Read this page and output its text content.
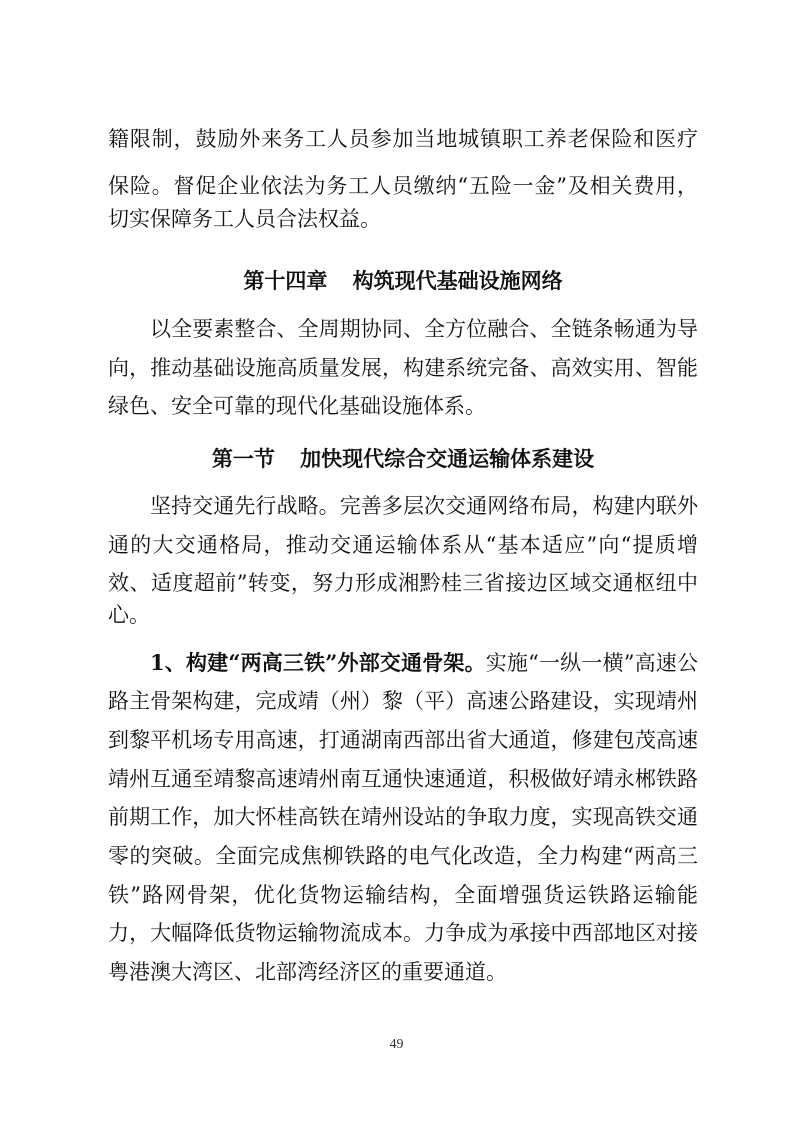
籍限制，鼓励外来务工人员参加当地城镇职工养老保险和医疗
保险。督促企业依法为务工人员缴纳“五险一金”及相关费用，
切实保障务工人员合法权益。
第十四章 构筑现代基础设施网络
以全要素整合、全周期协同、全方位融合、全链条畅通为导
向，推动基础设施高质量发展，构建系统完备、高效实用、智能
绿色、安全可靠的现代化基础设施体系。
第一节 加快现代综合交通运输体系建设
坚持交通先行战略。完善多层次交通网络布局，构建内联外
通的大交通格局，推动交通运输体系从“基本适应”向“提质增
效、适度超前”转变，努力形成湘黔桂三省接边区域交通枢纽中
心。
1、构建“两高三铁”外部交通骨架。实施“一纵一横”高速公
路主骨架构建，完成靖（州）黎（平）高速公路建设，实现靖州
到黎平机场专用高速，打通湖南西部出省大通道，修建包茂高速
靖州互通至靖黎高速靖州南互通快速通道，积极做好靖永郴铁路
前期工作，加大怀桂高铁在靖州设站的争取力度，实现高铁交通
零的突破。全面完成焦柳铁路的电气化改造，全力构建“两高三
铁”路网骨架，优化货物运输结构，全面增强货运铁路运输能
力，大幅降低货物运输物流成本。力争成为承接中西部地区对接
粤港澳大湾区、北部湾经济区的重要通道。
49
